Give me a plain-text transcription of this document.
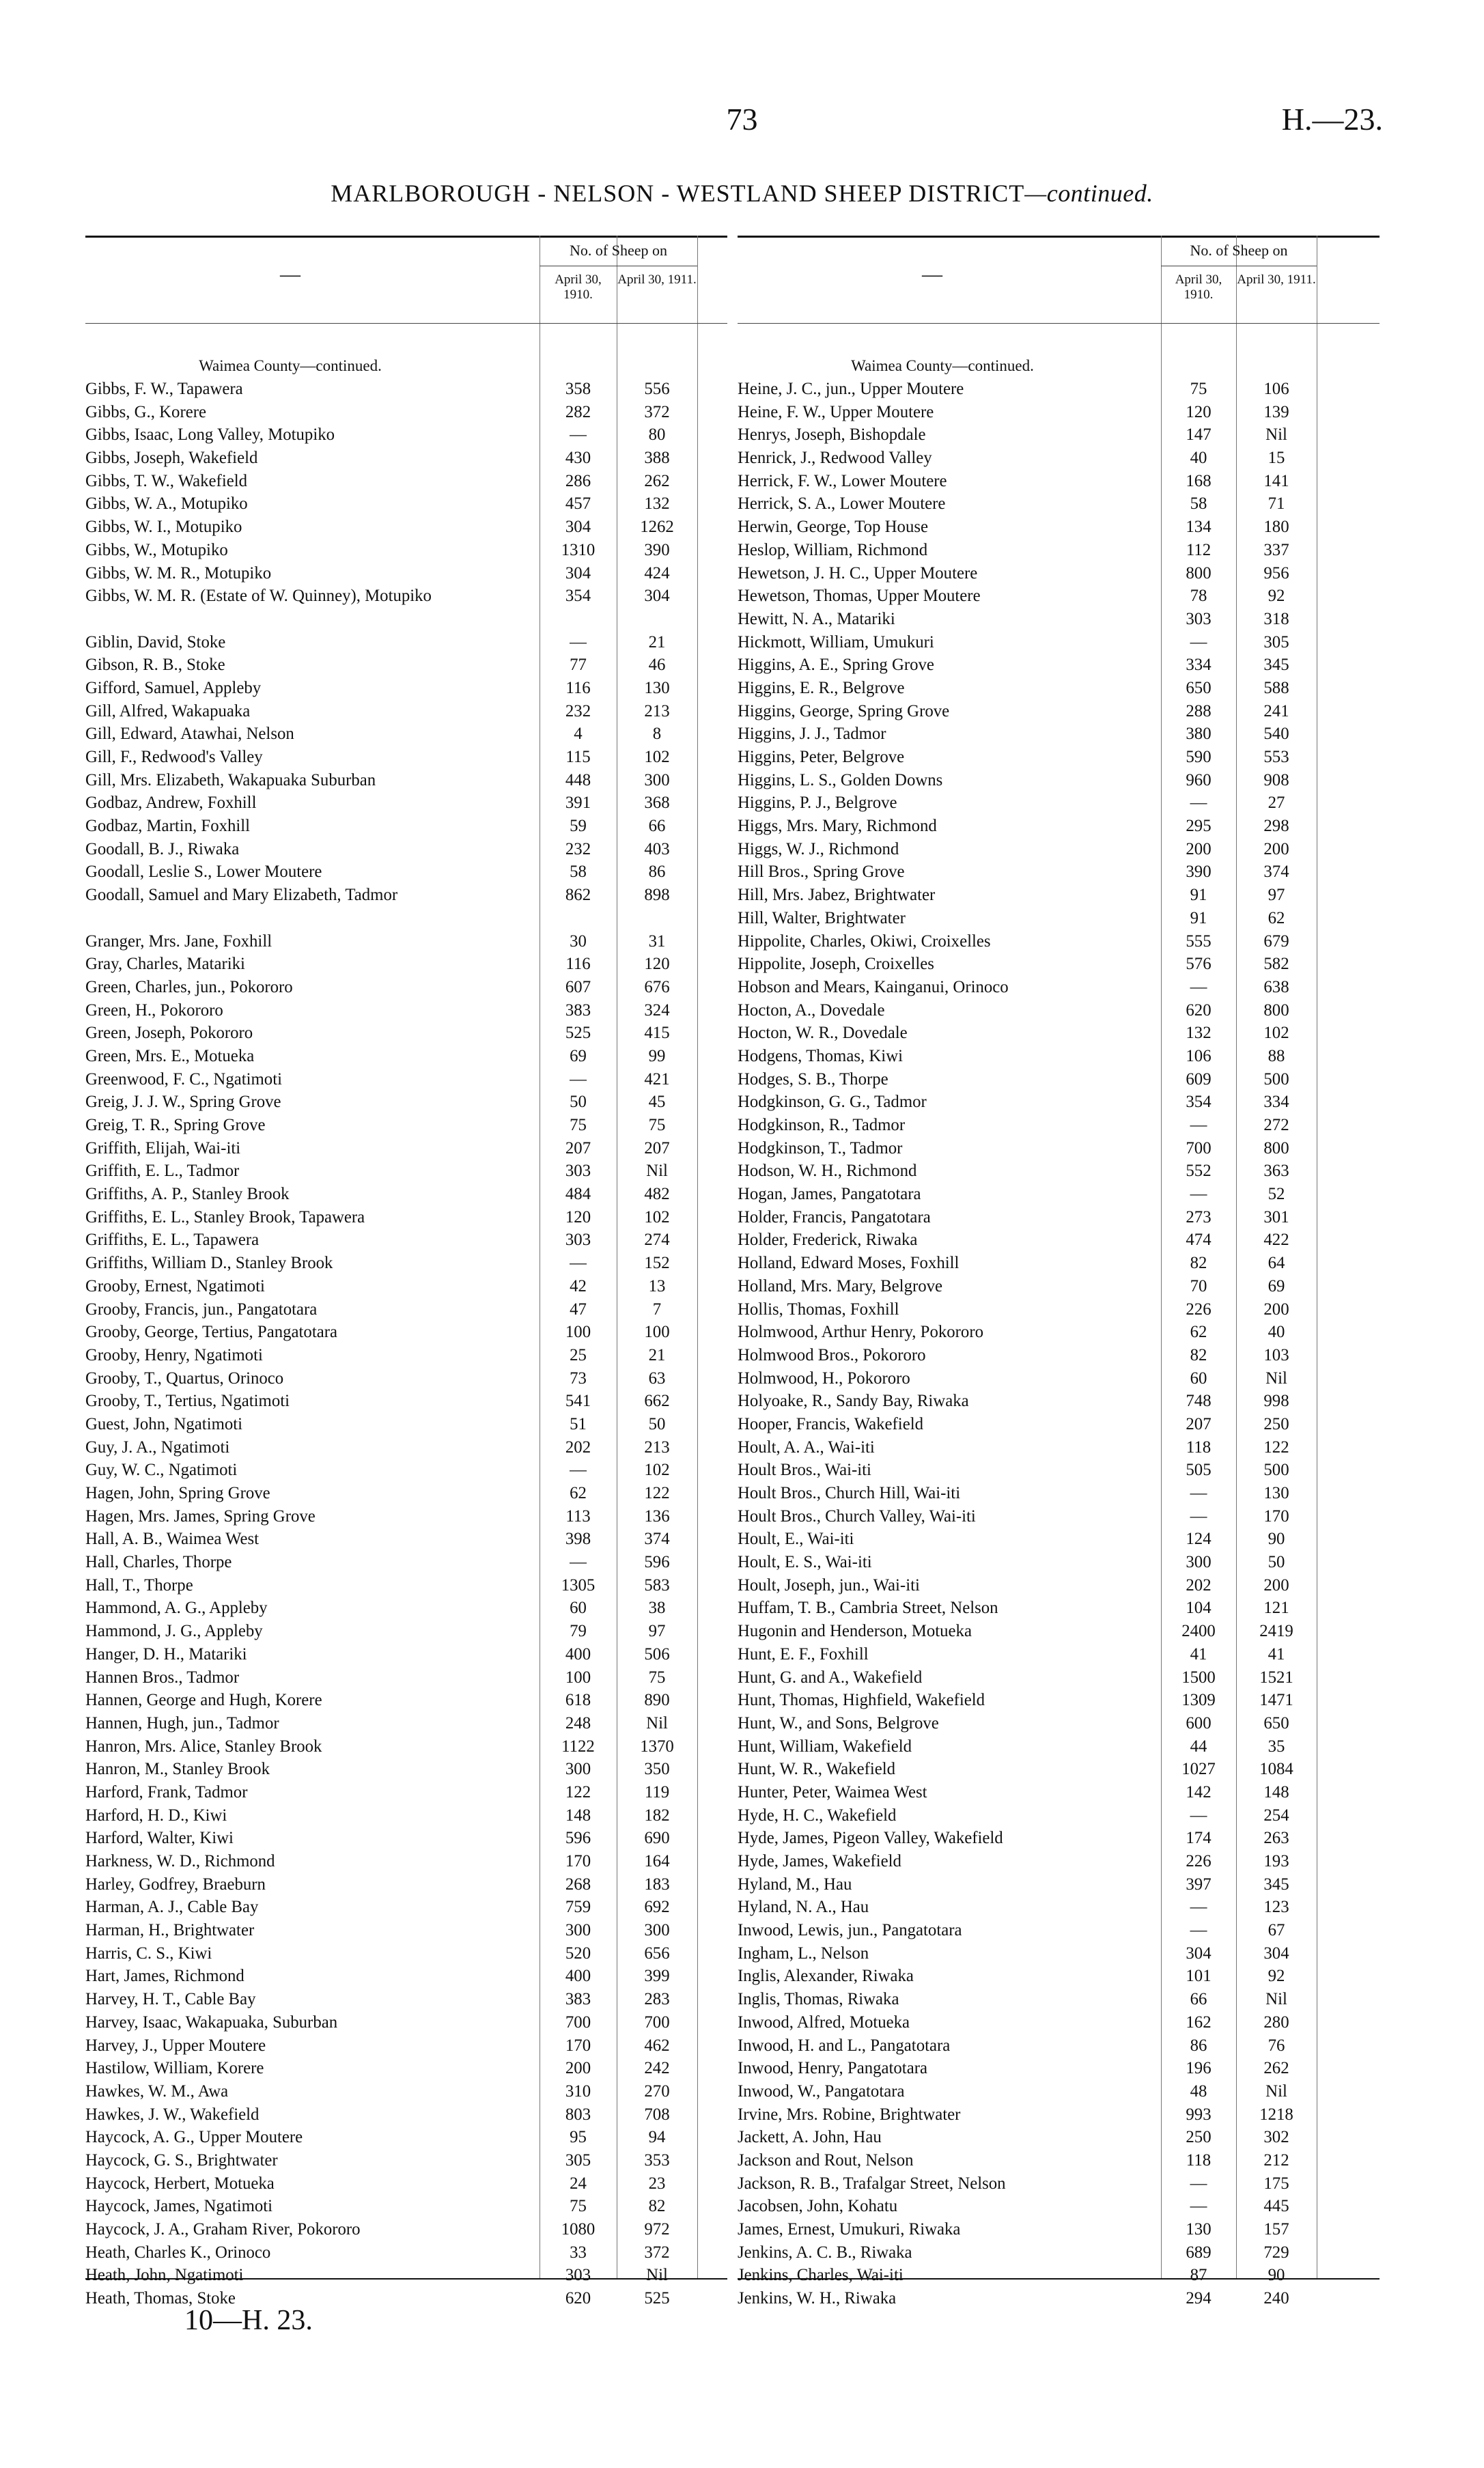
73	H.—23.
MARLBOROUGH - NELSON - WESTLAND SHEEP DISTRICT—continued.
—
No. of Sheep on
April 30, 1910.
April 30, 1911.
Waimea County—continued.
Gibbs, F. W., Tapawera	358	556
Gibbs, G., Korere	282	372
Gibbs, Isaac, Long Valley, Motupiko	—	80
Gibbs, Joseph, Wakefield	430	388
Gibbs, T. W., Wakefield	286	262
Gibbs, W. A., Motupiko	457	132
Gibbs, W. I., Motupiko	304	1262
Gibbs, W., Motupiko	1310	390
Gibbs, W. M. R., Motupiko	304	424
Gibbs, W. M. R. (Estate of W. Quinney), Motupiko	354	304
Giblin, David, Stoke	—	21
Gibson, R. B., Stoke	77	46
Gifford, Samuel, Appleby	116	130
Gill, Alfred, Wakapuaka	232	213
Gill, Edward, Atawhai, Nelson	4	8
Gill, F., Redwood's Valley	115	102
Gill, Mrs. Elizabeth, Wakapuaka Suburban	448	300
Godbaz, Andrew, Foxhill	391	368
Godbaz, Martin, Foxhill	59	66
Goodall, B. J., Riwaka	232	403
Goodall, Leslie S., Lower Moutere	58	86
Goodall, Samuel and Mary Elizabeth, Tadmor	862	898
Granger, Mrs. Jane, Foxhill	30	31
Gray, Charles, Matariki	116	120
Green, Charles, jun., Pokororo	607	676
Green, H., Pokororo	383	324
Green, Joseph, Pokororo	525	415
Green, Mrs. E., Motueka	69	99
Greenwood, F. C., Ngatimoti	—	421
Greig, J. J. W., Spring Grove	50	45
Greig, T. R., Spring Grove	75	75
Griffith, Elijah, Wai-iti	207	207
Griffith, E. L., Tadmor	303	Nil
Griffiths, A. P., Stanley Brook	484	482
Griffiths, E. L., Stanley Brook, Tapawera	120	102
Griffiths, E. L., Tapawera	303	274
Griffiths, William D., Stanley Brook	—	152
Grooby, Ernest, Ngatimoti	42	13
Grooby, Francis, jun., Pangatotara	47	7
Grooby, George, Tertius, Pangatotara	100	100
Grooby, Henry, Ngatimoti	25	21
Grooby, T., Quartus, Orinoco	73	63
Grooby, T., Tertius, Ngatimoti	541	662
Guest, John, Ngatimoti	51	50
Guy, J. A., Ngatimoti	202	213
Guy, W. C., Ngatimoti	—	102
Hagen, John, Spring Grove	62	122
Hagen, Mrs. James, Spring Grove	113	136
Hall, A. B., Waimea West	398	374
Hall, Charles, Thorpe	—	596
Hall, T., Thorpe	1305	583
Hammond, A. G., Appleby	60	38
Hammond, J. G., Appleby	79	97
Hanger, D. H., Matariki	400	506
Hannen Bros., Tadmor	100	75
Hannen, George and Hugh, Korere	618	890
Hannen, Hugh, jun., Tadmor	248	Nil
Hanron, Mrs. Alice, Stanley Brook	1122	1370
Hanron, M., Stanley Brook	300	350
Harford, Frank, Tadmor	122	119
Harford, H. D., Kiwi	148	182
Harford, Walter, Kiwi	596	690
Harkness, W. D., Richmond	170	164
Harley, Godfrey, Braeburn	268	183
Harman, A. J., Cable Bay	759	692
Harman, H., Brightwater	300	300
Harris, C. S., Kiwi	520	656
Hart, James, Richmond	400	399
Harvey, H. T., Cable Bay	383	283
Harvey, Isaac, Wakapuaka, Suburban	700	700
Harvey, J., Upper Moutere	170	462
Hastilow, William, Korere	200	242
Hawkes, W. M., Awa	310	270
Hawkes, J. W., Wakefield	803	708
Haycock, A. G., Upper Moutere	95	94
Haycock, G. S., Brightwater	305	353
Haycock, Herbert, Motueka	24	23
Haycock, James, Ngatimoti	75	82
Haycock, J. A., Graham River, Pokororo	1080	972
Heath, Charles K., Orinoco	33	372
Heath, John, Ngatimoti	303	Nil
Heath, Thomas, Stoke	620	525
—
No. of Sheep on
April 30, 1910.
April 30, 1911.
Waimea County—continued.
Heine, J. C., jun., Upper Moutere	75	106
Heine, F. W., Upper Moutere	120	139
Henrys, Joseph, Bishopdale	147	Nil
Henrick, J., Redwood Valley	40	15
Herrick, F. W., Lower Moutere	168	141
Herrick, S. A., Lower Moutere	58	71
Herwin, George, Top House	134	180
Heslop, William, Richmond	112	337
Hewetson, J. H. C., Upper Moutere	800	956
Hewetson, Thomas, Upper Moutere	78	92
Hewitt, N. A., Matariki	303	318
Hickmott, William, Umukuri	—	305
Higgins, A. E., Spring Grove	334	345
Higgins, E. R., Belgrove	650	588
Higgins, George, Spring Grove	288	241
Higgins, J. J., Tadmor	380	540
Higgins, Peter, Belgrove	590	553
Higgins, L. S., Golden Downs	960	908
Higgins, P. J., Belgrove	—	27
Higgs, Mrs. Mary, Richmond	295	298
Higgs, W. J., Richmond	200	200
Hill Bros., Spring Grove	390	374
Hill, Mrs. Jabez, Brightwater	91	97
Hill, Walter, Brightwater	91	62
Hippolite, Charles, Okiwi, Croixelles	555	679
Hippolite, Joseph, Croixelles	576	582
Hobson and Mears, Kainganui, Orinoco	—	638
Hocton, A., Dovedale	620	800
Hocton, W. R., Dovedale	132	102
Hodgens, Thomas, Kiwi	106	88
Hodges, S. B., Thorpe	609	500
Hodgkinson, G. G., Tadmor	354	334
Hodgkinson, R., Tadmor	—	272
Hodgkinson, T., Tadmor	700	800
Hodson, W. H., Richmond	552	363
Hogan, James, Pangatotara	—	52
Holder, Francis, Pangatotara	273	301
Holder, Frederick, Riwaka	474	422
Holland, Edward Moses, Foxhill	82	64
Holland, Mrs. Mary, Belgrove	70	69
Hollis, Thomas, Foxhill	226	200
Holmwood, Arthur Henry, Pokororo	62	40
Holmwood Bros., Pokororo	82	103
Holmwood, H., Pokororo	60	Nil
Holyoake, R., Sandy Bay, Riwaka	748	998
Hooper, Francis, Wakefield	207	250
Hoult, A. A., Wai-iti	118	122
Hoult Bros., Wai-iti	505	500
Hoult Bros., Church Hill, Wai-iti	—	130
Hoult Bros., Church Valley, Wai-iti	—	170
Hoult, E., Wai-iti	124	90
Hoult, E. S., Wai-iti	300	50
Hoult, Joseph, jun., Wai-iti	202	200
Huffam, T. B., Cambria Street, Nelson	104	121
Hugonin and Henderson, Motueka	2400	2419
Hunt, E. F., Foxhill	41	41
Hunt, G. and A., Wakefield	1500	1521
Hunt, Thomas, Highfield, Wakefield	1309	1471
Hunt, W., and Sons, Belgrove	600	650
Hunt, William, Wakefield	44	35
Hunt, W. R., Wakefield	1027	1084
Hunter, Peter, Waimea West	142	148
Hyde, H. C., Wakefield	—	254
Hyde, James, Pigeon Valley, Wakefield	174	263
Hyde, James, Wakefield	226	193
Hyland, M., Hau	397	345
Hyland, N. A., Hau	—	123
Inwood, Lewis, jun., Pangatotara	—	67
Ingham, L., Nelson	304	304
Inglis, Alexander, Riwaka	101	92
Inglis, Thomas, Riwaka	66	Nil
Inwood, Alfred, Motueka	162	280
Inwood, H. and L., Pangatotara	86	76
Inwood, Henry, Pangatotara	196	262
Inwood, W., Pangatotara	48	Nil
Irvine, Mrs. Robine, Brightwater	993	1218
Jackett, A. John, Hau	250	302
Jackson and Rout, Nelson	118	212
Jackson, R. B., Trafalgar Street, Nelson	—	175
Jacobsen, John, Kohatu	—	445
James, Ernest, Umukuri, Riwaka	130	157
Jenkins, A. C. B., Riwaka	689	729
Jenkins, Charles, Wai-iti	87	90
Jenkins, W. H., Riwaka	294	240
10—H. 23.
